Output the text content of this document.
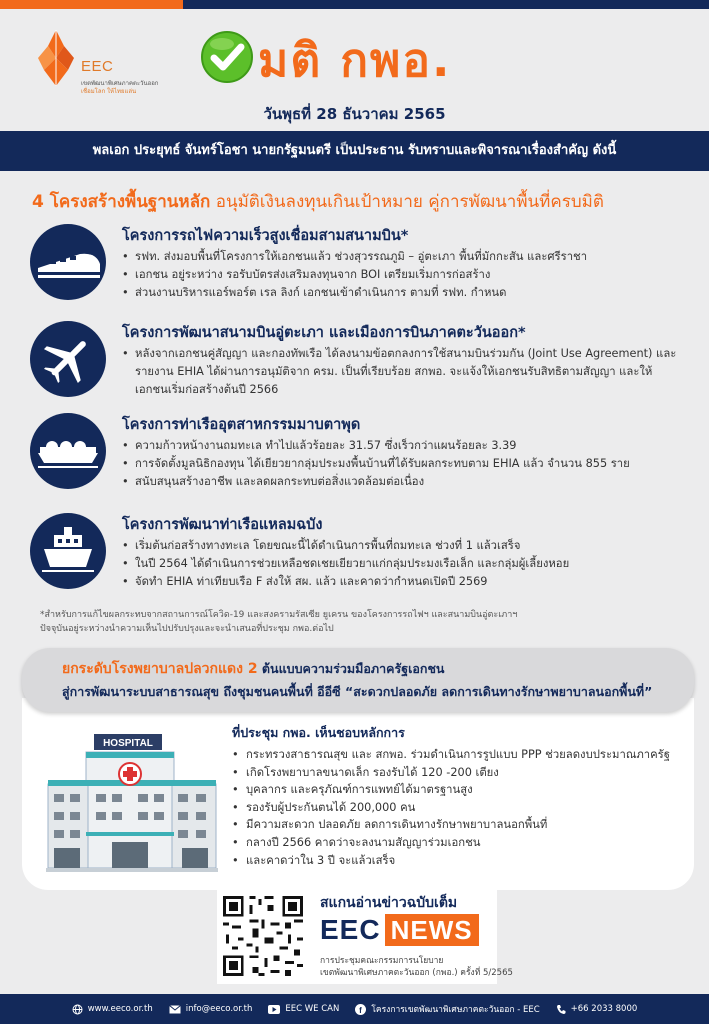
EEC
เขตพัฒนาพิเศษภาคตะวันออก
เชื่อมโลก ให้ไทยแล่น
มติ กพอ.
วันพุธที่ 28 ธันวาคม 2565
พลเอก ประยุทธ์ จันทร์โอชา นายกรัฐมนตรี เป็นประธาน รับทราบและพิจารณาเรื่องสำคัญ ดังนี้
4 โครงสร้างพื้นฐานหลัก อนุมัติเงินลงทุนเกินเป้าหมาย คู่การพัฒนาพื้นที่ครบมิติ
โครงการรถไฟความเร็วสูงเชื่อมสามสนามบิน*
• รฟท. ส่งมอบพื้นที่โครงการให้เอกชนแล้ว ช่วงสุวรรณภูมิ – อู่ตะเภา พื้นที่มักกะสัน และศรีราชา
• เอกชน อยู่ระหว่าง รอรับบัตรส่งเสริมลงทุนจาก BOI เตรียมเริ่มการก่อสร้าง
• ส่วนงานบริหารแอร์พอร์ต เรล ลิงก์ เอกชนเข้าดำเนินการ ตามที่ รฟท. กำหนด
โครงการพัฒนาสนามบินอู่ตะเภา และเมืองการบินภาคตะวันออก*
• หลังจากเอกชนคู่สัญญา และกองทัพเรือ ได้ลงนามข้อตกลงการใช้สนามบินร่วมกัน (Joint Use Agreement) และรายงาน EHIA ได้ผ่านการอนุมัติจาก ครม. เป็นที่เรียบร้อย สกพอ. จะแจ้งให้เอกชนรับสิทธิตามสัญญา และให้เอกชนเริ่มก่อสร้างต้นปี 2566
โครงการท่าเรืออุตสาหกรรมมาบตาพุด
• ความก้าวหน้างานถมทะเล ทำไปแล้วร้อยละ 31.57 ซึ่งเร็วกว่าแผนร้อยละ 3.39
• การจัดตั้งมูลนิธิกองทุน ได้เยียวยากลุ่มประมงพื้นบ้านที่ได้รับผลกระทบตาม EHIA แล้ว จำนวน 855 ราย
• สนับสนุนสร้างอาชีพ และลดผลกระทบต่อสิ่งแวดล้อมต่อเนื่อง
โครงการพัฒนาท่าเรือแหลมฉบัง
• เริ่มต้นก่อสร้างทางทะเล โดยขณะนี้ได้ดำเนินการพื้นที่ถมทะเล ช่วงที่ 1 แล้วเสร็จ
• ในปี 2564 ได้ดำเนินการช่วยเหลือชดเชยเยียวยาแก่กลุ่มประมงเรือเล็ก และกลุ่มผู้เลี้ยงหอย
• จัดทำ EHIA ท่าเทียบเรือ F ส่งให้ สผ. แล้ว และคาดว่ากำหนดเปิดปี 2569
*สำหรับการแก้ไขผลกระทบจากสถานการณ์โควิด-19 และสงครามรัสเซีย ยูเครน ของโครงการรถไฟฯ และสนามบินอู่ตะเภาฯ
ปัจจุบันอยู่ระหว่างนำความเห็นไปปรับปรุงและจะนำเสนอที่ประชุม กพอ.ต่อไป
ยกระดับโรงพยาบาลปลวกแดง 2 ต้นแบบความร่วมมือภาครัฐเอกชน
สู่การพัฒนาระบบสาธารณสุข ถึงชุมชนคนพื้นที่ อีอีซี “สะดวกปลอดภัย ลดการเดินทางรักษาพยาบาลนอกพื้นที่”
HOSPITAL
ที่ประชุม กพอ. เห็นชอบหลักการ
• กระทรวงสาธารณสุข และ สกพอ. ร่วมดำเนินการรูปแบบ PPP ช่วยลดงบประมาณภาครัฐ
• เกิดโรงพยาบาลขนาดเล็ก รองรับได้ 120 -200 เตียง
• บุคลากร และครุภัณฑ์การแพทย์ได้มาตรฐานสูง
• รองรับผู้ประกันตนได้ 200,000 คน
• มีความสะดวก ปลอดภัย ลดการเดินทางรักษาพยาบาลนอกพื้นที่
• กลางปี 2566 คาดว่าจะลงนามสัญญาร่วมเอกชน
• และคาดว่าใน 3 ปี จะแล้วเสร็จ
สแกนอ่านข่าวฉบับเต็ม
EEC NEWS
การประชุมคณะกรรมการนโยบาย
เขตพัฒนาพิเศษภาคตะวันออก (กพอ.) ครั้งที่ 5/2565
www.eeco.or.th	info@eeco.or.th	EEC WE CAN	f โครงการเขตพัฒนาพิเศษภาคตะวันออก - EEC	+66 2033 8000
